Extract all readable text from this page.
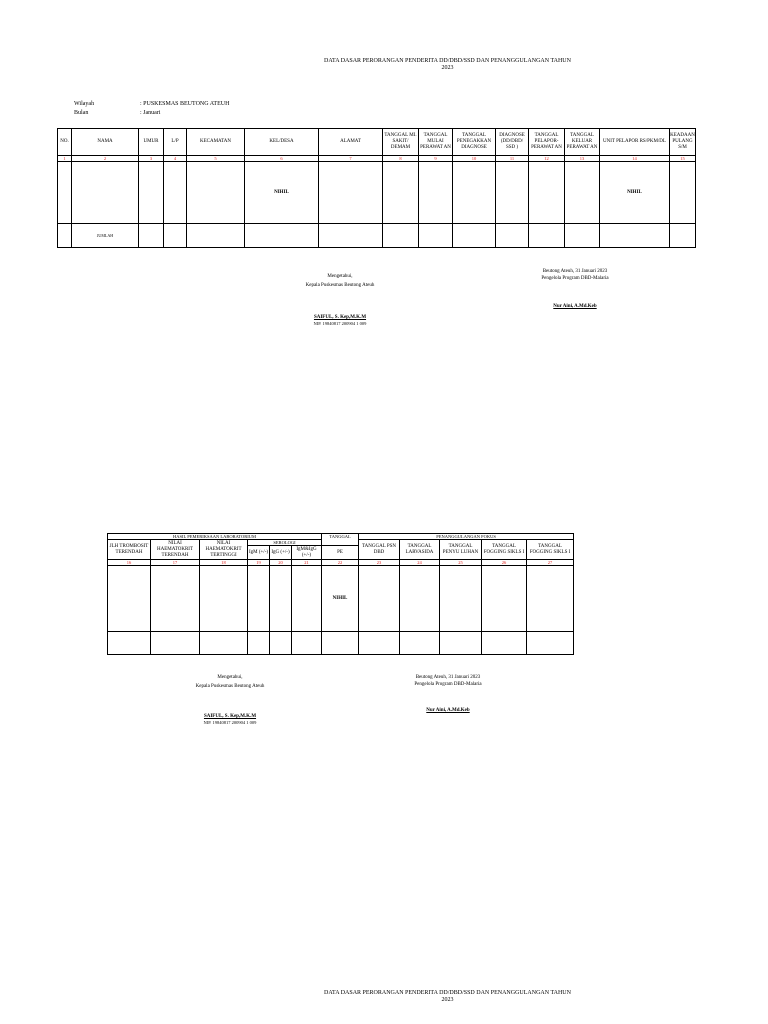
DATA DASAR PERORANGAN PENDERITA DD/DBD/SSD DAN PENANGGULANGAN TAHUN
2023
Wilayah	: PUSKESMAS BEUTONG ATEUH
Bulan	: Januari
NO.	NAMA	UMUR	L/P	KECAMATAN	KEL/DESA	ALAMAT	TANGGAL MI. SAKIT/ DEMAM	TANGGAL MULAI PERAWAT AN	TANGGAL PENEGAKKAN DIAGNOSE	DIAGNOSE (DD/DBD/ SSD )	TANGGAL PELAPOR- PERAWAT AN	TANGGAL KELUAR PERAWAT AN	UNIT PELAPOR RS/PKM/DL	KEADAAN PULANG S/M
1	2	3	4	5	6	7	8	9	10	11	12	13	14	15
					NIHIL								NIHIL	
	JUMLAH													
Mengetahui,
Kepala Puskesmas Beutong Ateuh
SAIFUL, S. Kep,M.K.M
NIP. 19840817 200904 1 009
Beutong Ateuh, 31 Januari 2023
Pengelola Program DBD-Malaria
Nur Aini, A.Md.Keb
HASIL PEMERIKSAAN LABORATORIUM						TANGGAL	PENANGGULANGAN FOKUS				
JLH TROMBOSIT TERENDAH	NILAI HAEMATOKRIT TERENDAH	NILAI HAEMATOKRIT TERTINGGI	SEROLOGI				TANGGAL PSN DBD	TANGGAL LARVASIDA	TANGGAL PENYU LUHAN	TANGGAL FOGGING SIKLS I	TANGGAL FOGGING SIKLS I
			IgM (+/-)	IgG (+/-)	IgM&IgG (+/-)	PE					
16	17	18	19	20	21	22	23	24	25	26	27
						NIHIL					

Mengetahui,
Kepala Puskesmas Beutong Ateuh
SAIFUL, S. Kep,M.K.M
NIP. 19840817 200904 1 009
Beutong Ateuh, 31 Januari 2023
Pengelola Program DBD-Malaria
Nur Aini, A.Md.Keb
DATA DASAR PERORANGAN PENDERITA DD/DBD/SSD DAN PENANGGULANGAN TAHUN
2023
